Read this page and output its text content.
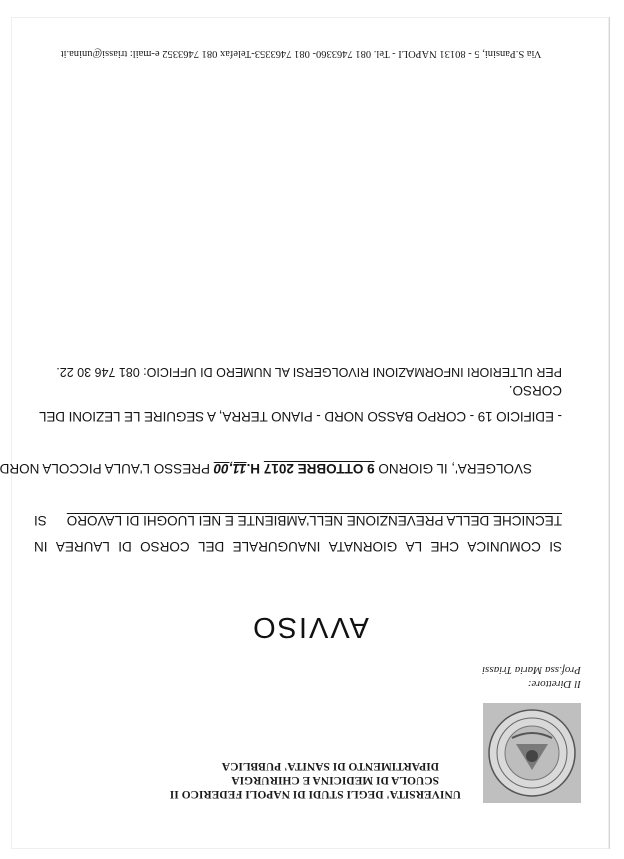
UNIVERSITA' DEGLI STUDI DI NAPOLI FEDERICO II
SCUOLA DI MEDICINA E CHIRURGIA
DIPARTIMENTO DI SANITA' PUBBLICA
Il Direttore:
Prof.ssa Maria Triassi
AVVISO
SI
COMUNICA
CHE
LA
GIORNATA
INAUGURALE
DEL
CORSO
DI
LAUREA
IN
TECNICHE DELLA PREVENZIONE NELL'AMBIENTE E NEI LUOGHI DI LAVORO
SI

SVOLGERA', IL GIORNO 9 OTTOBRE 2017 H.11,00 PRESSO L'AULA PICCOLA NORD

- EDIFICIO 19 - CORPO BASSO NORD - PIANO TERRA, A SEGUIRE LE LEZIONI DEL
CORSO.
PER ULTERIORI INFORMAZIONI RIVOLGERSI AL NUMERO DI UFFICIO: 081 746 30 22.
Via S.Pansini, 5 - 80131 NAPOLI - Tel. 081 7463360- 081 7463353-Telefax 081 7463352 e-mail: triassi@unina.it
